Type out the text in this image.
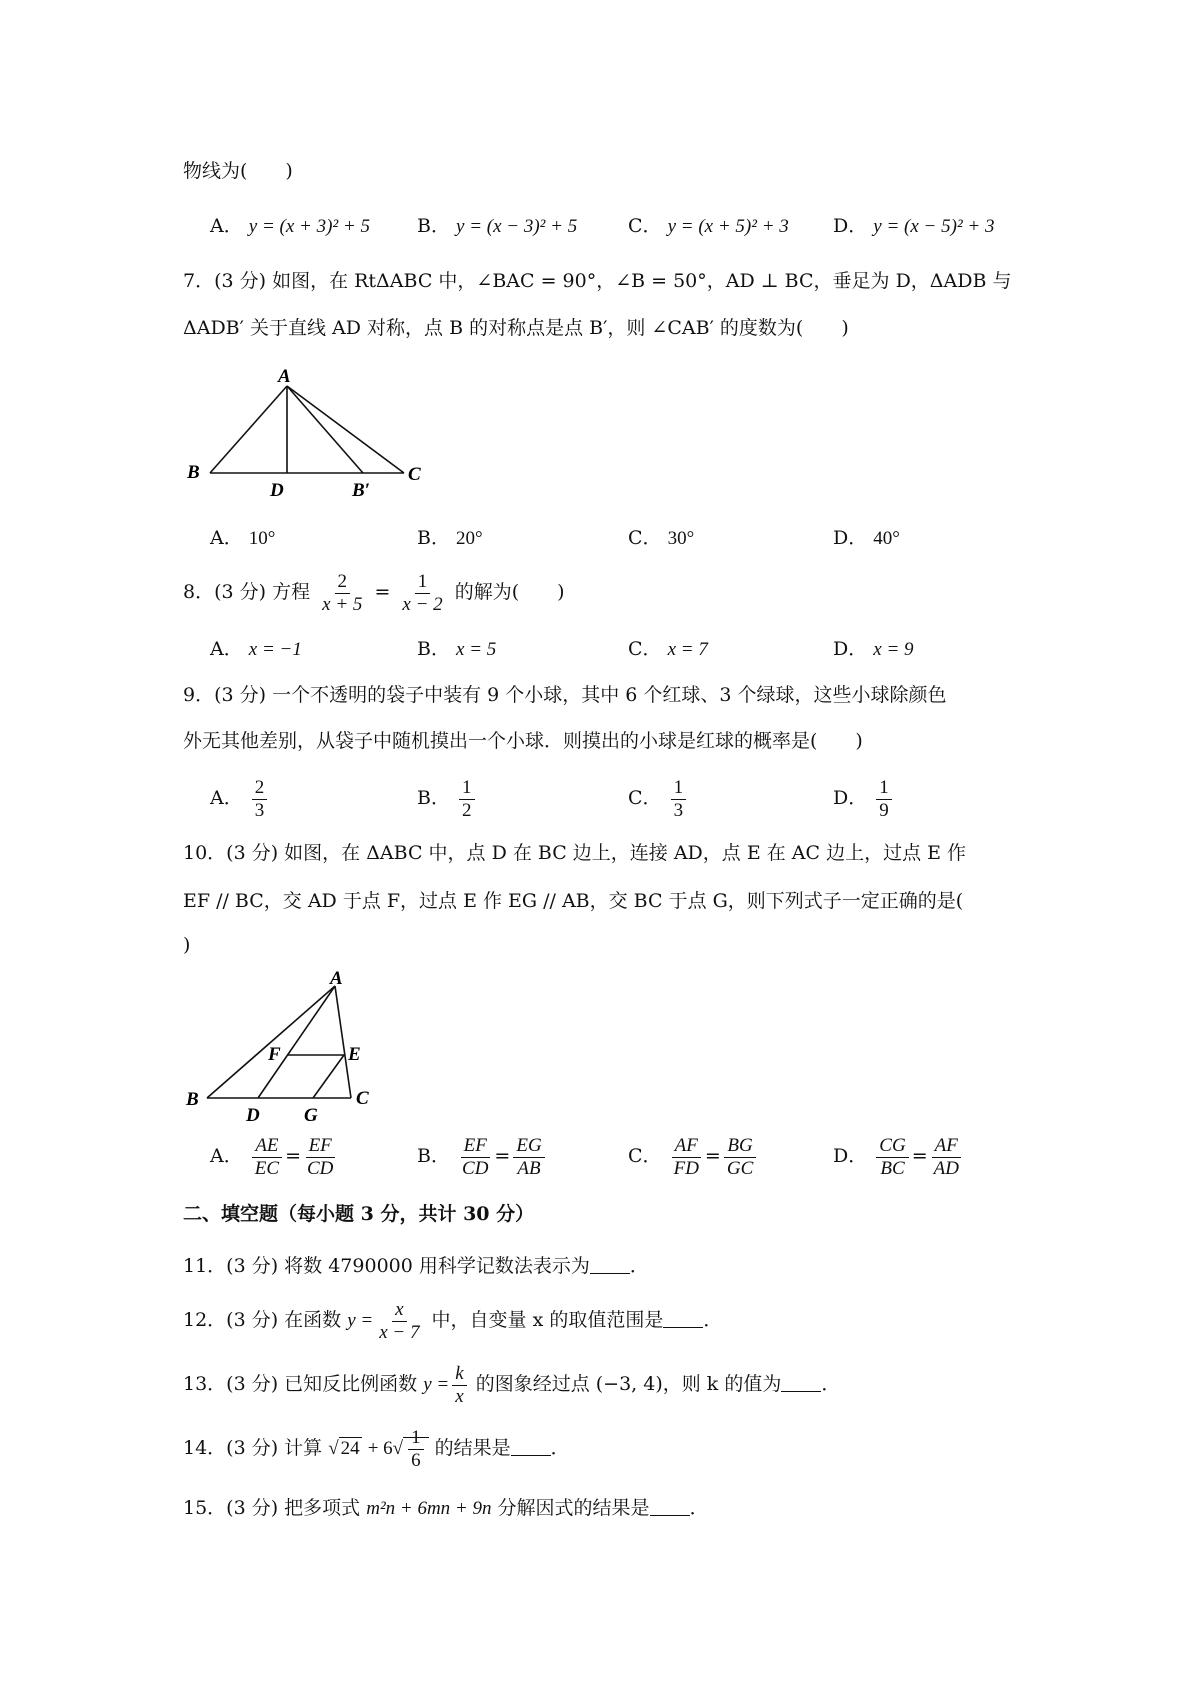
物线为(　　)
A． y = (x + 3)² + 5 B． y = (x − 3)² + 5	C． y = (x + 5)² + 3 D． y = (x − 5)² + 3
7．(3 分) 如图，在 RtΔABC 中，∠BAC = 90°，∠B = 50°，AD ⊥ BC，垂足为 D，ΔADB 与
ΔADB′ 关于直线 AD 对称，点 B 的对称点是点 B′，则 ∠CAB′ 的度数为(　　)
A
B
D	B′
C
A． 10°	B． 20°	C． 30°	D． 40°
8．(3 分) 方程 $\frac{2}{x + 5} = \frac{1}{x - 2}$ 的解为(　　)
A． x = −1	B． x = 5	C． x = 7	D． x = 9
9．(3 分) 一个不透明的袋子中装有 9 个小球，其中 6 个红球、3 个绿球，这些小球除颜色
外无其他差别，从袋子中随机摸出一个小球．则摸出的小球是红球的概率是(　　)
A． $\frac{2}{3}$	B． $\frac{1}{2}$	C． $\frac{1}{3}$	D． $\frac{1}{9}$
10．(3 分) 如图，在 ΔABC 中，点 D 在 BC 边上，连接 AD，点 E 在 AC 边上，过点 E 作
EF // BC，交 AD 于点 F，过点 E 作 EG // AB，交 BC 于点 G，则下列式子一定正确的是(
)
A
B	C
D
E
F
G
A． $\frac{AE}{EC} = \frac{EF}{CD}$	B． $\frac{EF}{CD} = \frac{EG}{AB}$	C． $\frac{AF}{FD} = \frac{BG}{GC}$	D． $\frac{CG}{BC} = \frac{AF}{AD}$
二、填空题（每小题 3 分，共计 30 分）
11．(3 分) 将数 4790000 用科学记数法表示为 ．
12．(3 分) 在函数 $y = \frac{x}{x - 7}$ 中，自变量 x 的取值范围是 ．
13．(3 分) 已知反比例函数 $y = \frac{k}{x}$ 的图象经过点 (−3, 4)，则 k 的值为 ．
14．(3 分) 计算 √ $24 + 6√ \frac{1}{6}$ 的结果是 ．
15．(3 分) 把多项式 m²n + 6mn + 9n 分解因式的结果是 ．
